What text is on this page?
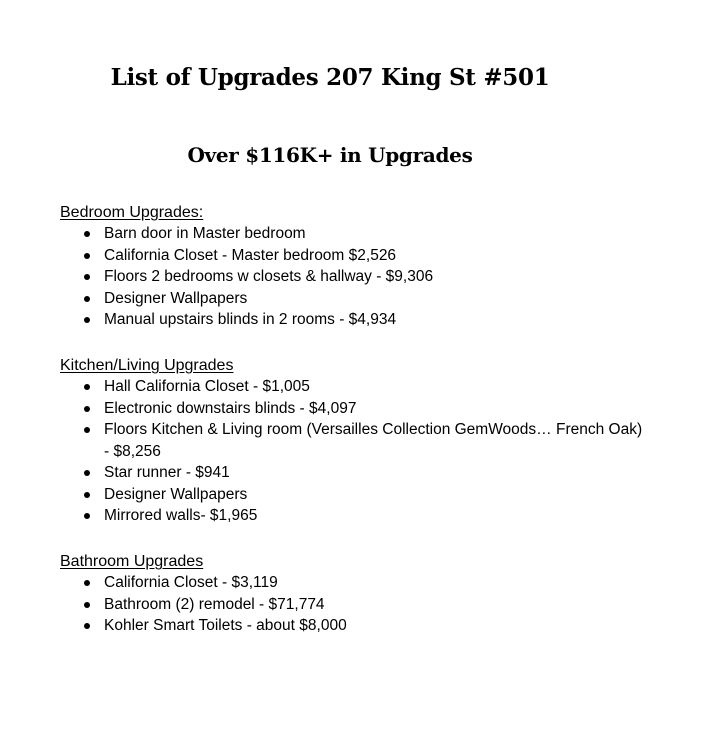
List of Upgrades 207 King St #501
Over $116K+ in Upgrades
Bedroom Upgrades:
Barn door in Master bedroom
California Closet - Master bedroom $2,526
Floors 2 bedrooms w closets & hallway - $9,306
Designer Wallpapers
Manual upstairs blinds in 2 rooms - $4,934
Kitchen/Living Upgrades
Hall California Closet - $1,005
Electronic downstairs blinds - $4,097
Floors Kitchen & Living room (Versailles Collection GemWoods… French Oak) - $8,256
Star runner - $941
Designer Wallpapers
Mirrored walls- $1,965
Bathroom Upgrades
California Closet - $3,119
Bathroom (2) remodel - $71,774
Kohler Smart Toilets - about $8,000
